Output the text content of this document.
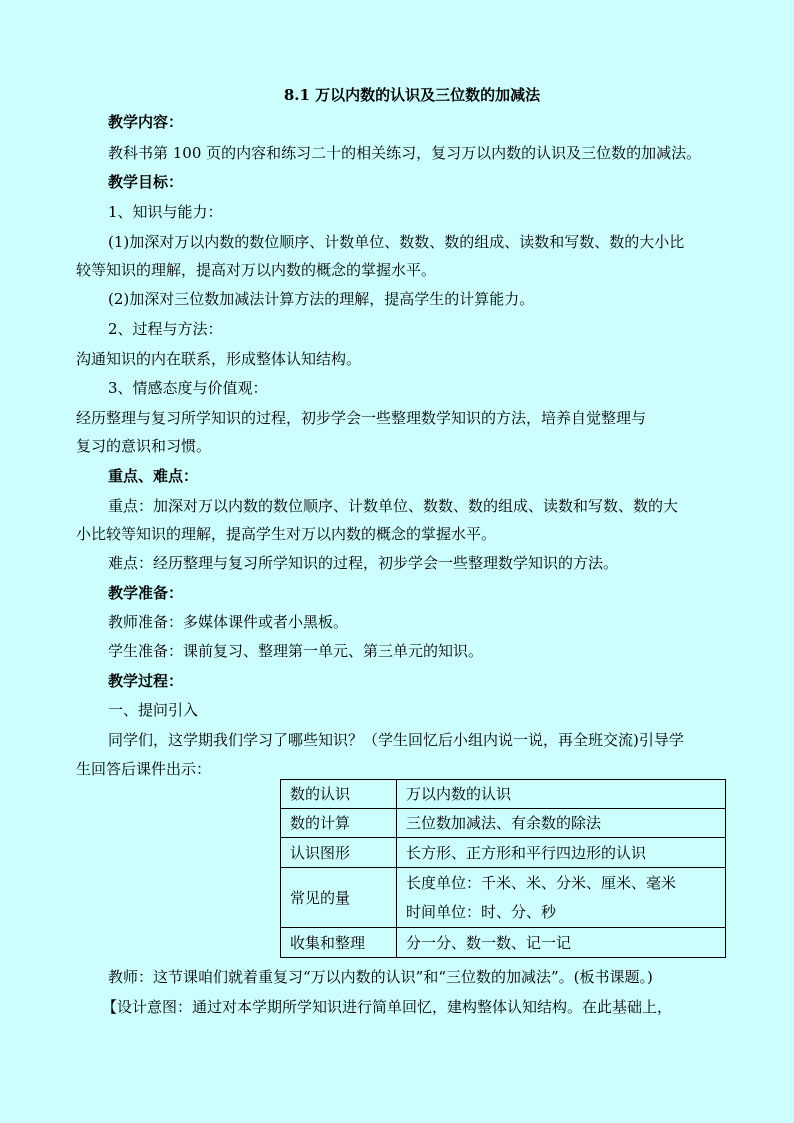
8.1 万以内数的认识及三位数的加减法
教学内容：
教科书第 100 页的内容和练习二十的相关练习，复习万以内数的认识及三位数的加减法。
教学目标：
1、知识与能力：
(1)加深对万以内数的数位顺序、计数单位、数数、数的组成、读数和写数、数的大小比
较等知识的理解，提高对万以内数的概念的掌握水平。
(2)加深对三位数加减法计算方法的理解，提高学生的计算能力。
2、过程与方法：
沟通知识的内在联系，形成整体认知结构。
3、情感态度与价值观：
经历整理与复习所学知识的过程，初步学会一些整理数学知识的方法，培养自觉整理与
复习的意识和习惯。
重点、难点：
重点：加深对万以内数的数位顺序、计数单位、数数、数的组成、读数和写数、数的大
小比较等知识的理解，提高学生对万以内数的概念的掌握水平。
难点：经历整理与复习所学知识的过程，初步学会一些整理数学知识的方法。
教学准备：
教师准备：多媒体课件或者小黑板。
学生准备：课前复习、整理第一单元、第三单元的知识。
教学过程：
一、提问引入
同学们，这学期我们学习了哪些知识？（学生回忆后小组内说一说，再全班交流)引导学
生回答后课件出示：
数的认识	万以内数的认识
数的计算	三位数加减法、有余数的除法
认识图形	长方形、正方形和平行四边形的认识
常见的量	长度单位：千米、米、分米、厘米、毫米
时间单位：时、分、秒

收集和整理	分一分、数一数、记一记
教师：这节课咱们就着重复习“万以内数的认识”和“三位数的加减法”。(板书课题。)
【设计意图：通过对本学期所学知识进行简单回忆，建构整体认知结构。在此基础上，
